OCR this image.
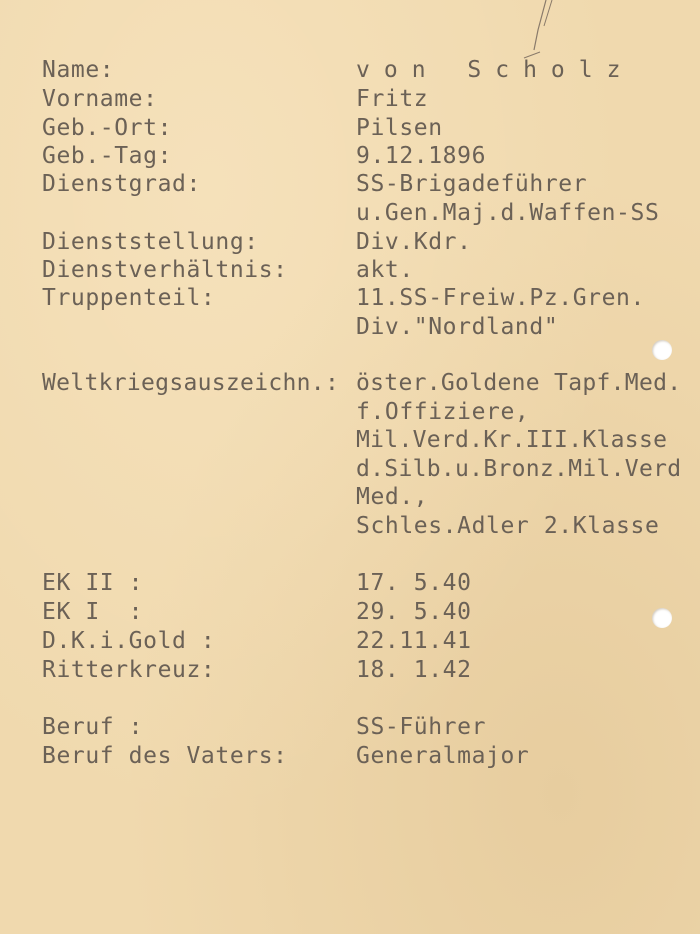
Name:

	von Scholz

Vorname:

	Fritz

Geb.-Ort:

	Pilsen

Geb.-Tag:

	9.12.1896

Dienstgrad:

	SS-Brigadeführer

u.Gen.Maj.d.Waffen-SS

Dienststellung:

	Div.Kdr.

Dienstverhältnis:

	akt.

Truppenteil:

	11.SS-Freiw.Pz.Gren.

Div."Nordland"

Weltkriegsauszeichn.:

öster.Goldene Tapf.Med.

f.Offiziere,

Mil.Verd.Kr.III.Klasse

d.Silb.u.Bronz.Mil.Verd

Med.,

Schles.Adler 2.Klasse

EK II :

	17. 5.40

EK I  :

	29. 5.40

D.K.i.Gold :

	22.11.41

Ritterkreuz:

	18. 1.42

Beruf :

	SS-Führer

Beruf des Vaters:

	Generalmajor
